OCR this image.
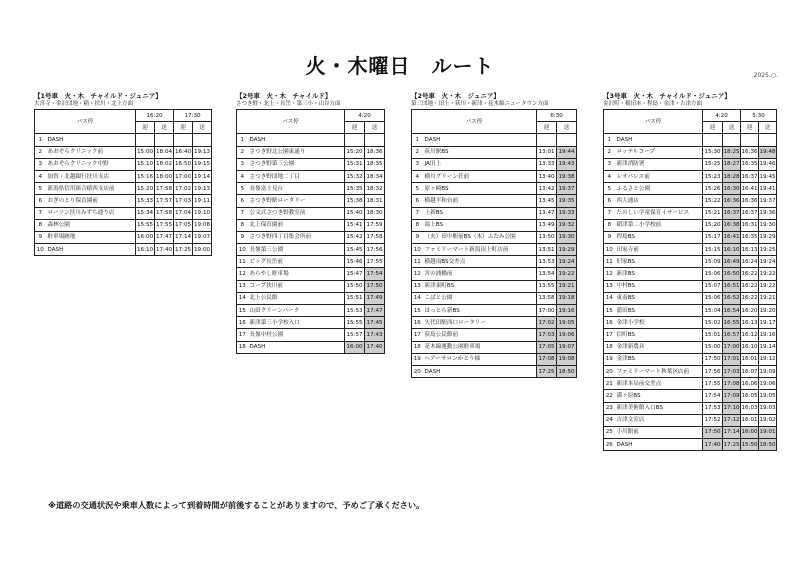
火・木曜日　ルート	2025.○.
【1号車　火・木　チャイルド・ジュニア】
大宮寺・金沢団地・稲・扶川・北上方面
バス停		16:20		17:30	
		迎	送	迎	送
1	DASH				
2	あおぞらクリニック前	15:00	18:04	16:40	19:13
3	あおぞらクリニック中野	15:10	18:02	16:50	19:15
4	加賀・北越銀行扶川支店	15:16	18:00	17:00	19:14
5	新潟県信用組合稲西支店前	15:20	17:58	17:02	19:13
6	おぎのとり保育園前	15:33	17:57	17:03	19:11
7	ローソン扶川みずち通り店	15:34	17:58	17:04	19:10
8	森林公園	15:55	17:55	17:05	19:08
9	駐車場跡地	16:00	17:47	17:14	19:07
10	DASH	16:10	17:40	17:25	19:00
【2号車　火・木　チャイルド】
さつき野・北上・長岳・第三小・山谷方面
バス停		4:20	
		迎	送
1	DASH		
2	さつき野北公園東通り	15:20	18:36
3	さつき野第三公園	15:31	18:35
4	さつき野団地二丁目	15:32	18:34
5	長嶺富士見台	15:35	18:32
6	さつき野駅ロータリー	15:38	18:31
7	公文式さつき野教室前	15:40	18:30
8	北上保育園前	15:41	17:59
9	さつき野四丁目集会所前	15:42	17:58
10	長嶺第三公園	15:45	17:56
11	ビッグ長岳前	15:46	17:55
12	あらやし駐車場	15:47	17:54
13	コープ扶川前	15:50	17:50
14	北上公民館	15:51	17:49
15	山田クリーンパーク	15:53	17:47
16	新津第三小学校入口	15:55	17:45
17	長嶺中村公園	15:57	17:43
18	DASH	16:00	17:40
【2号車　火・木　ジュニア】
第三団地・田上・荻川・新津・花木綿ニュータウン方面
バス停		6:30	
		迎	送
1	DASH		
2	荻川駅BS	13:01	19:44
3	JA田上	13:33	19:43
4	横川グリーン荘前	13:40	19:38
5	原ヶ崎BS	13:42	19:37
6	横越平和台前	13:45	19:35
7	上新BS	13:47	19:33
8	湯上BS	13:49	19:32
9	（火）田中駅前BS（木）ふたみ公園	13:50	19:30
10	ファミリーマート新潟田上町店前	13:51	19:29
11	横越南BS交差点	13:53	19:24
12	宮の浦橋前	13:54	19:22
13	新津東町BS	13:55	19:21
14	こばと公園	13:58	19:18
15	ほっとら新BS	17:00	19:16
16	矢代田駅西口ロータリー	17:02	19:05
17	荻島公民館前	17:03	19:06
18	花木綿運動公園駐車場	17:05	19:07
19	ヘアーサロンかとう様	17:08	19:08
20	DASH	17:25	18:50
【3号車　火・木　チャイルド・ジュニア】
金沢町・稲田本・程島・金津・吉津方面
バス停		4:20		5:30	
		迎	送	迎	送
1	DASH				
2	ロッテルコープ	15:30	18:25	16:36	19:48
3	新津消防署	15:25	18:27	16:35	19:46
4	レオパレス前	15:23	18:28	16:37	19:45
5	ふるさと公園	15:26	16:30	16:41	19:41
6	西大通店	15:22	16:36	16:36	19:37
7	たのしい学童保育イサービス	15:21	16:37	16:37	19:36
8	稲津第二小学校前	15:20	16:38	16:31	19:30
9	程島BS	15:17	16:41	16:35	19:29
10	田家寺前	15:15	16:10	16:13	19:25
11	旧家BS	15:09	16:49	16:24	19:24
12	新津BS	15:06	16:50	16:22	19:22
13	中村BS	15:07	16:51	16:22	19:22
14	東南BS	15:06	16:52	16:22	19:21
15	蒲田BS	15:04	16:54	16:20	19:20
16	金津小学校	15:02	16:55	16:13	19:17
17	信町BS	15:01	16:57	16:12	19:16
18	金津新農具	15:00	17:00	16:10	19:14
19	金津BS	17:50	17:01	16:01	19:12
20	ファミリーマート秋葉区店前	17:56	17:03	16:07	19:09
21	新津本局前交差点	17:55	17:08	16:06	19:06
22	満ヶ原BS	17:54	17:09	16:05	19:05
23	新津美術館入口BS	17:53	17:10	16:03	19:03
24	吉津文室店	17:52	17:12	16:01	19:02
25	小川館前	17:50	17:14	16:00	19:01
26	DASH	17:40	17:25	15:50	18:50
※道路の交通状況や乗車人数によって到着時間が前後することがありますので、予めご了承ください。
